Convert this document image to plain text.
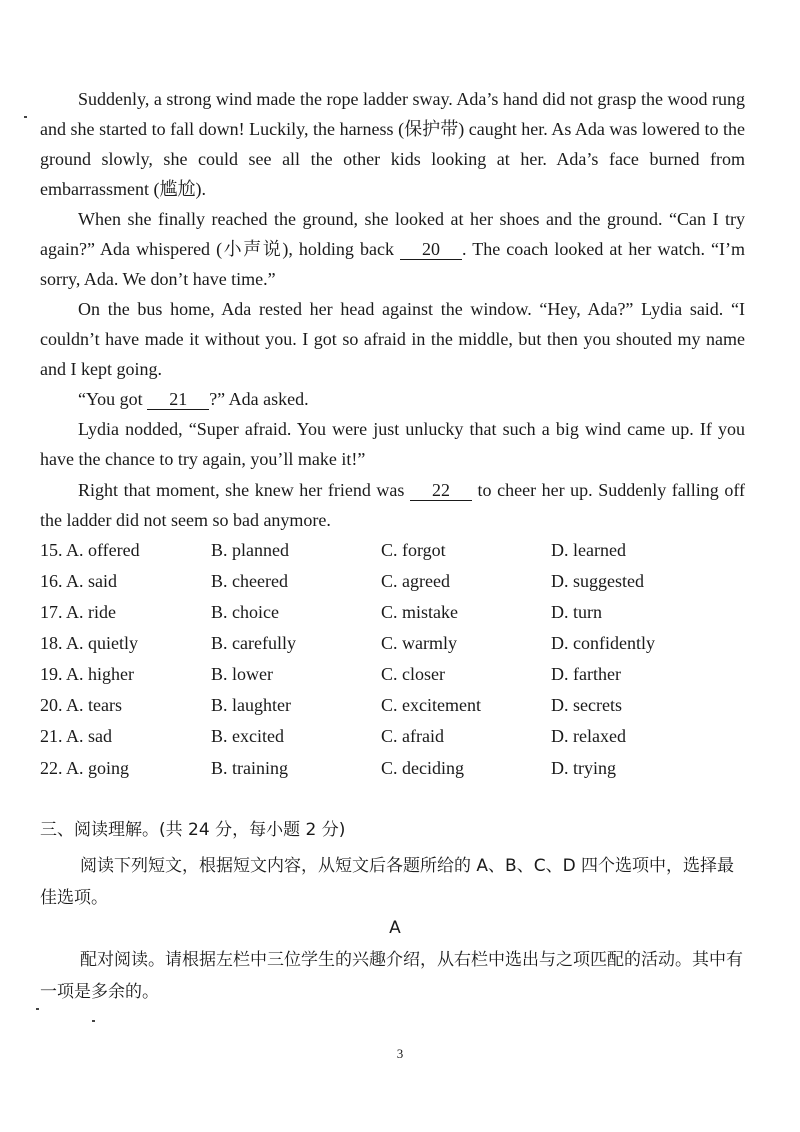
Suddenly, a strong wind made the rope ladder sway. Ada’s hand did not grasp the wood rung and she started to fall down! Luckily, the harness (保护带) caught her. As Ada was lowered to the ground slowly, she could see all the other kids looking at her. Ada’s face burned from embarrassment (尴尬).

When she finally reached the ground, she looked at her shoes and the ground. “Can I try again?” Ada whispered (小声说), holding back 20 . The coach looked at her watch. “I’m sorry, Ada. We don’t have time.”

On the bus home, Ada rested her head against the window. “Hey, Ada?” Lydia said. “I couldn’t have made it without you. I got so afraid in the middle, but then you shouted my name and I kept going.

“You got 21 ?” Ada asked.

Lydia nodded, “Super afraid. You were just unlucky that such a big wind came up. If you have the chance to try again, you’ll make it!”

Right that moment, she knew her friend was 22 to cheer her up. Suddenly falling off the ladder did not seem so bad anymore.

15. A. offered	B. planned	C. forgot	D. learned
16. A. said	B. cheered	C. agreed	D. suggested
17. A. ride	B. choice	C. mistake	D. turn
18. A. quietly	B. carefully	C. warmly	D. confidently
19. A. higher	B. lower	C. closer	D. farther
20. A. tears	B. laughter	C. excitement	D. secrets
21. A. sad	B. excited	C. afraid	D. relaxed
22. A. going	B. training	C. deciding	D. trying

三、阅读理解。(共 24 分，每小题 2 分)

阅读下列短文，根据短文内容，从短文后各题所给的 A、B、C、D 四个选项中，选择最佳选项。

A

配对阅读。请根据左栏中三位学生的兴趣介绍，从右栏中选出与之项匹配的活动。其中有一项是多余的。

3
